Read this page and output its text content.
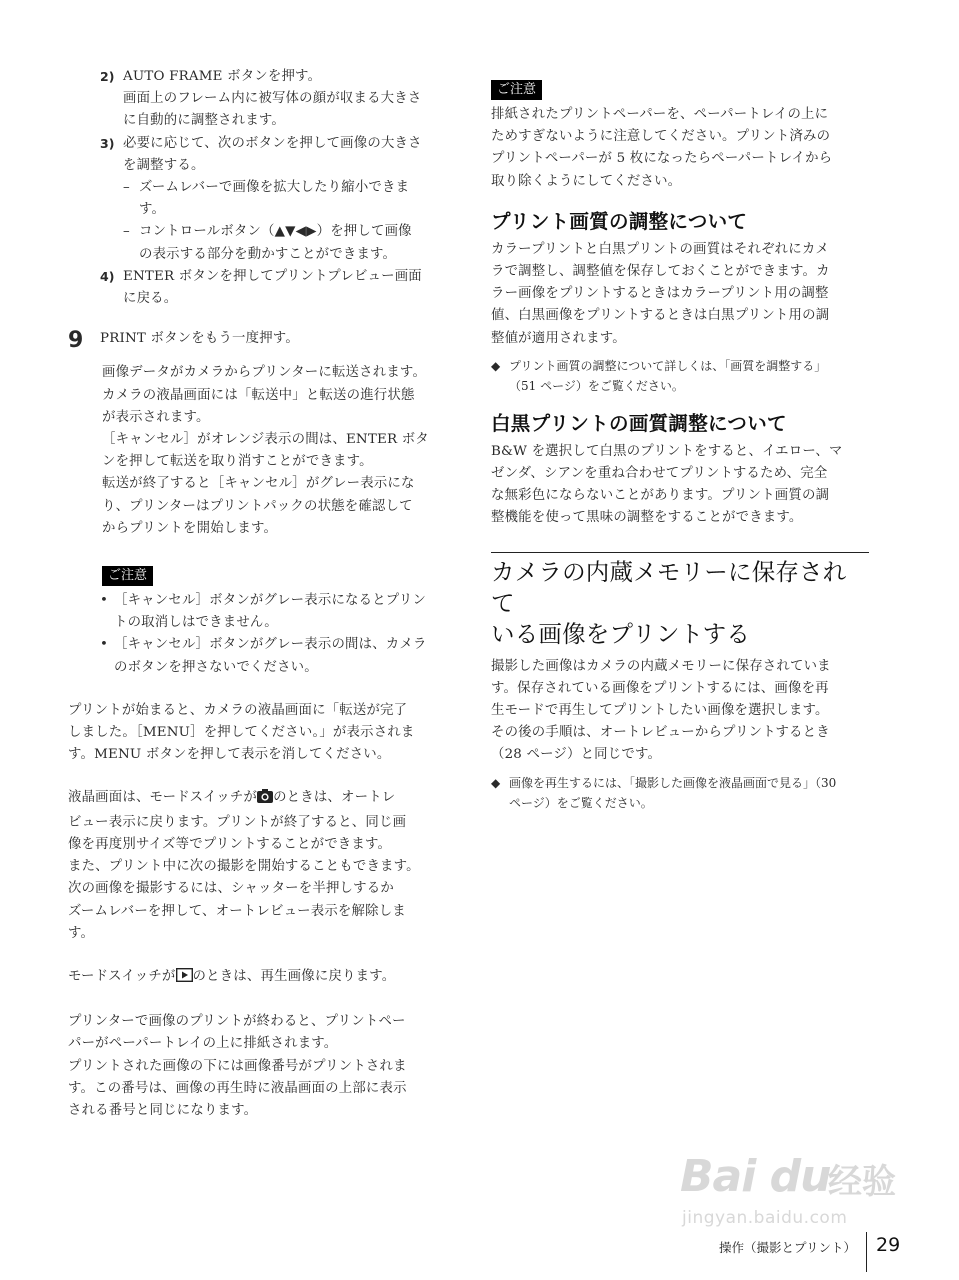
2) AUTO FRAME ボタンを押す。

画面上のフレーム内に被写体の顔が収まる大きさ

に自動的に調整されます。

3) 必要に応じて、次のボタンを押して画像の大きさ

を調整する。

– ズームレバーで画像を拡大したり縮小できま

す。

– コントロールボタン（▲▼◀▶）を押して画像

の表示する部分を動かすことができます。

4) ENTER ボタンを押してプリントプレビュー画面

に戻る。

9 PRINT ボタンをもう一度押す。

画像データがカメラからプリンターに転送されます。

カメラの液晶画面には「転送中」と転送の進行状態

が表示されます。

［キャンセル］がオレンジ表示の間は、ENTER ボタ

ンを押して転送を取り消すことができます。

転送が終了すると［キャンセル］がグレー表示にな

り、プリンターはプリントパックの状態を確認して

からプリントを開始します。

ご注意
• ［キャンセル］ボタンがグレー表示になるとプリン

トの取消しはできません。

• ［キャンセル］ボタンがグレー表示の間は、カメラ

のボタンを押さないでください。

プリントが始まると、カメラの液晶画面に「転送が完了

しました。［MENU］を押してください。」が表示されま

す。MENU ボタンを押して表示を消してください。

液晶画面は、モードスイッチが のときは、オートレ

ビュー表示に戻ります。プリントが終了すると、同じ画

像を再度別サイズ等でプリントすることができます。

また、プリント中に次の撮影を開始することもできます。

次の画像を撮影するには、シャッターを半押しするか

ズームレバーを押して、オートレビュー表示を解除しま

す。

モードスイッチが のときは、再生画像に戻ります。

プリンターで画像のプリントが終わると、プリントペー

パーがペーパートレイの上に排紙されます。

プリントされた画像の下には画像番号がプリントされま

す。この番号は、画像の再生時に液晶画面の上部に表示

される番号と同じになります。

ご注意

排紙されたプリントペーパーを、ペーパートレイの上に

ためすぎないように注意してください。プリント済みの

プリントペーパーが 5 枚になったらペーパートレイから

取り除くようにしてください。

プリント画質の調整について

カラープリントと白黒プリントの画質はそれぞれにカメ

ラで調整し、調整値を保存しておくことができます。カ

ラー画像をプリントするときはカラープリント用の調整

値、白黒画像をプリントするときは白黒プリント用の調

整値が適用されます。

◆ プリント画質の調整について詳しくは、「画質を調整する」
（51 ページ）をご覧ください。
白黒プリントの画質調整について

B&W を選択して白黒のプリントをすると、イエロー、マ

ゼンダ、シアンを重ね合わせてプリントするため、完全

な無彩色にならないことがあります。プリント画質の調

整機能を使って黒味の調整をすることができます。

カメラの内蔵メモリーに保存されて
いる画像をプリントする

撮影した画像はカメラの内蔵メモリーに保存されていま

す。保存されている画像をプリントするには、画像を再

生モードで再生してプリントしたい画像を選択します。

その後の手順は、オートレビューからプリントするとき

（28 ページ）と同じです。

◆ 画像を再生するには、「撮影した画像を液晶画面で見る」（30
ページ）をご覧ください。
Bai du
经验
jingyan.baidu.com
操作（撮影とプリント） 29
